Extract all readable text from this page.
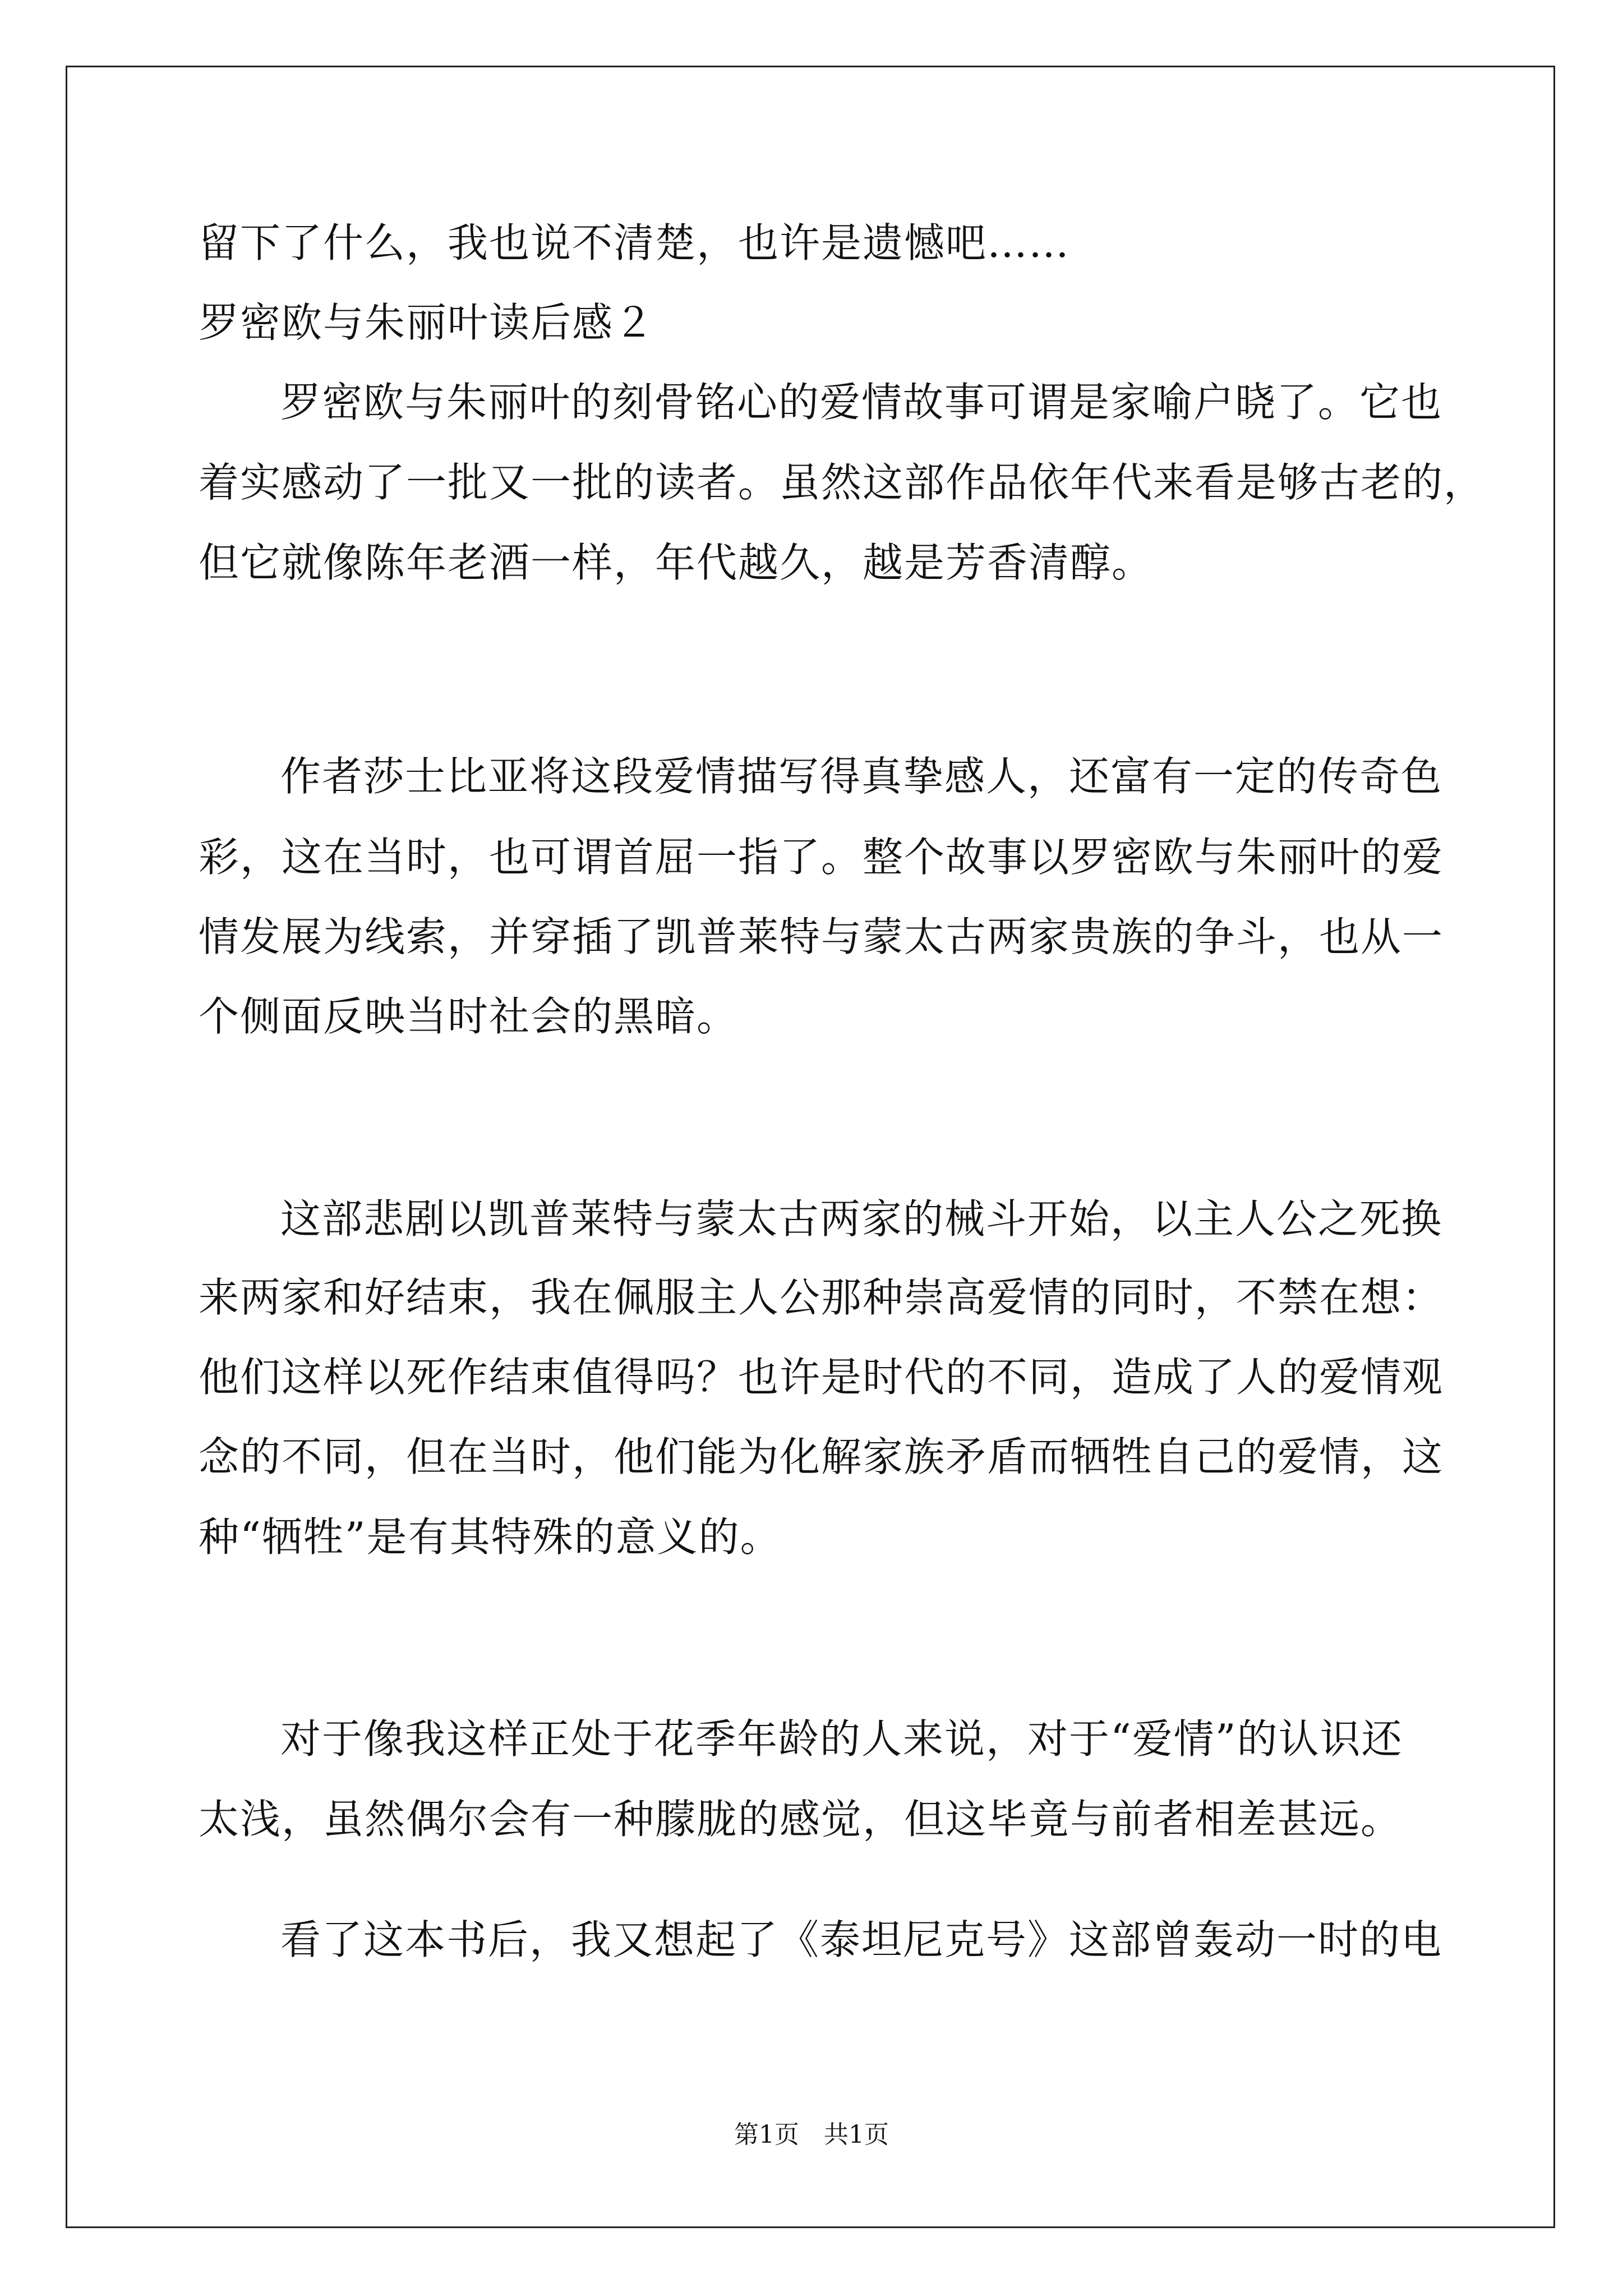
留下了什么，我也说不清楚，也许是遗憾吧……
罗密欧与朱丽叶读后感２
罗密欧与朱丽叶的刻骨铭心的爱情故事可谓是家喻户晓了。它也
着实感动了一批又一批的读者。虽然这部作品依年代来看是够古老的，
但它就像陈年老酒一样，年代越久，越是芳香清醇。
作者莎士比亚将这段爱情描写得真挚感人，还富有一定的传奇色
彩，这在当时，也可谓首屈一指了。整个故事以罗密欧与朱丽叶的爱
情发展为线索，并穿插了凯普莱特与蒙太古两家贵族的争斗，也从一
个侧面反映当时社会的黑暗。
这部悲剧以凯普莱特与蒙太古两家的械斗开始，以主人公之死换
来两家和好结束，我在佩服主人公那种崇高爱情的同时，不禁在想：
他们这样以死作结束值得吗？也许是时代的不同，造成了人的爱情观
念的不同，但在当时，他们能为化解家族矛盾而牺牲自己的爱情，这
种“牺牲”是有其特殊的意义的。
对于像我这样正处于花季年龄的人来说，对于“爱情”的认识还
太浅，虽然偶尔会有一种朦胧的感觉，但这毕竟与前者相差甚远。
看了这本书后，我又想起了《泰坦尼克号》这部曾轰动一时的电
第1页　共1页
